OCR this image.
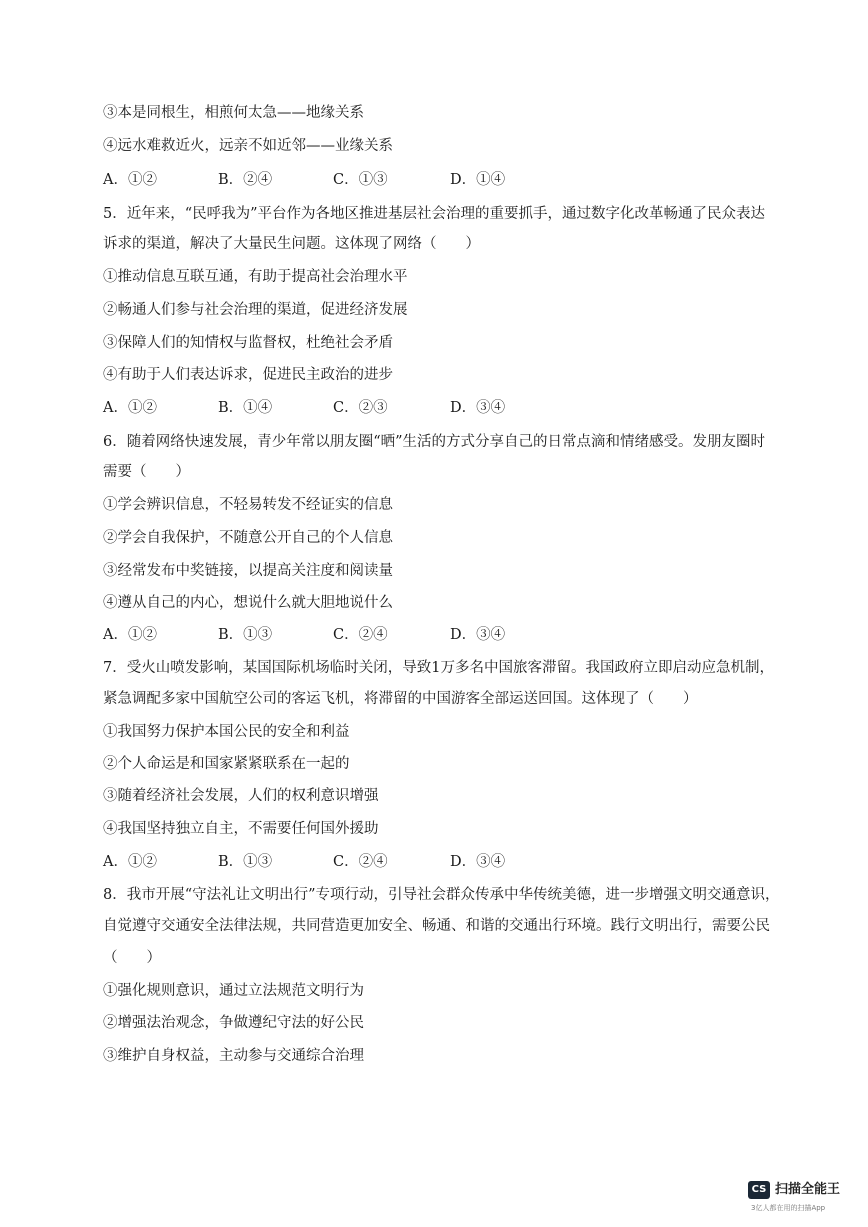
③本是同根生，相煎何太急——地缘关系
④远水难救近火，远亲不如近邻——业缘关系
A．①②	B．②④	C．①③	D．①④
5．近年来，“民呼我为”平台作为各地区推进基层社会治理的重要抓手，通过数字化改革畅通了民众表达
诉求的渠道，解决了大量民生问题。这体现了网络（　　）
①推动信息互联互通，有助于提高社会治理水平
②畅通人们参与社会治理的渠道，促进经济发展
③保障人们的知情权与监督权，杜绝社会矛盾
④有助于人们表达诉求，促进民主政治的进步
A．①②	B．①④	C．②③	D．③④
6．随着网络快速发展，青少年常以朋友圈“晒”生活的方式分享自己的日常点滴和情绪感受。发朋友圈时
需要（　　）
①学会辨识信息，不轻易转发不经证实的信息
②学会自我保护，不随意公开自己的个人信息
③经常发布中奖链接，以提高关注度和阅读量
④遵从自己的内心，想说什么就大胆地说什么
A．①②	B．①③	C．②④	D．③④
7．受火山喷发影响，某国国际机场临时关闭，导致1万多名中国旅客滞留。我国政府立即启动应急机制，
紧急调配多家中国航空公司的客运飞机，将滞留的中国游客全部运送回国。这体现了（　　）
①我国努力保护本国公民的安全和利益
②个人命运是和国家紧紧联系在一起的
③随着经济社会发展，人们的权利意识增强
④我国坚持独立自主，不需要任何国外援助
A．①②	B．①③	C．②④	D．③④
8．我市开展“守法礼让文明出行”专项行动，引导社会群众传承中华传统美德，进一步增强文明交通意识，
自觉遵守交通安全法律法规，共同营造更加安全、畅通、和谐的交通出行环境。践行文明出行，需要公民
（　　）
①强化规则意识，通过立法规范文明行为
②增强法治观念，争做遵纪守法的好公民
③维护自身权益，主动参与交通综合治理
CS 扫描全能王
3亿人都在用的扫描App
